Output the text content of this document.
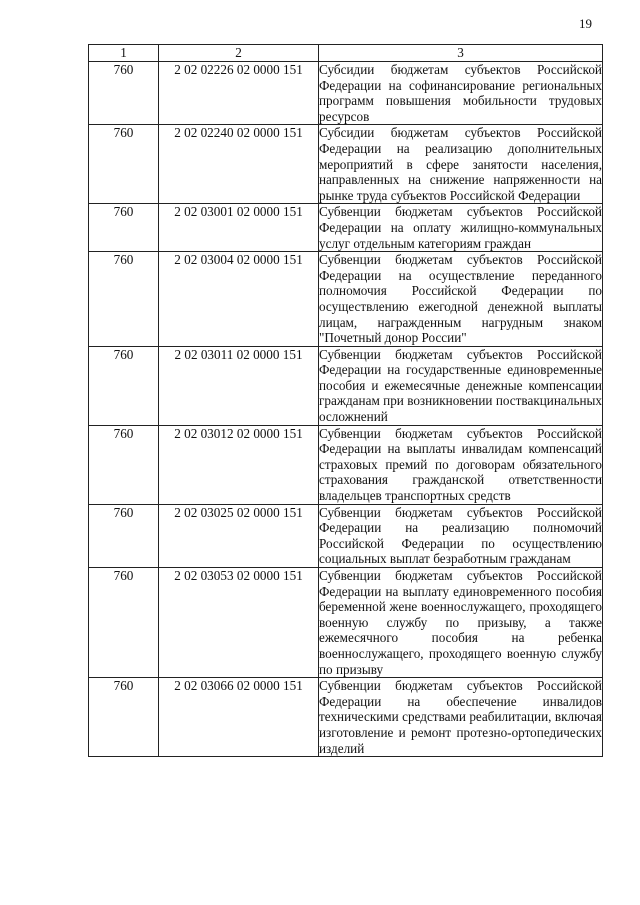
19
1	2	3
760	2 02 02226 02 0000 151	Субсидии бюджетам субъектов Российской Федерации на софинансирование региональных программ повышения мобильности трудовых ресурсов
760	2 02 02240 02 0000 151	Субсидии бюджетам субъектов Российской Федерации на реализацию дополнительных мероприятий в сфере занятости населения, направленных на снижение напряженности на рынке труда субъектов Российской Федерации
760	2 02 03001 02 0000 151	Субвенции бюджетам субъектов Российской Федерации на оплату жилищно-коммунальных услуг отдельным категориям граждан
760	2 02 03004 02 0000 151	Субвенции бюджетам субъектов Российской Федерации на осуществление переданного полномочия Российской Федерации по осуществлению ежегодной денежной выплаты лицам, награжденным нагрудным знаком "Почетный донор России"
760	2 02 03011 02 0000 151	Субвенции бюджетам субъектов Российской Федерации на государственные единовременные пособия и ежемесячные денежные компенсации гражданам при возникновении поствакцинальных осложнений
760	2 02 03012 02 0000 151	Субвенции бюджетам субъектов Российской Федерации на выплаты инвалидам компенсаций страховых премий по договорам обязательного страхования гражданской ответственности владельцев транспортных средств
760	2 02 03025 02 0000 151	Субвенции бюджетам субъектов Российской Федерации на реализацию полномочий Российской Федерации по осуществлению социальных выплат безработным гражданам
760	2 02 03053 02 0000 151	Субвенции бюджетам субъектов Российской Федерации на выплату единовременного пособия беременной жене военнослужащего, проходящего военную службу по призыву, а также ежемесячного пособия на ребенка военнослужащего, проходящего военную службу по призыву
760	2 02 03066 02 0000 151	Субвенции бюджетам субъектов Российской Федерации на обеспечение инвалидов техническими средствами реабилитации, включая изготовление и ремонт протезно-ортопедических изделий
